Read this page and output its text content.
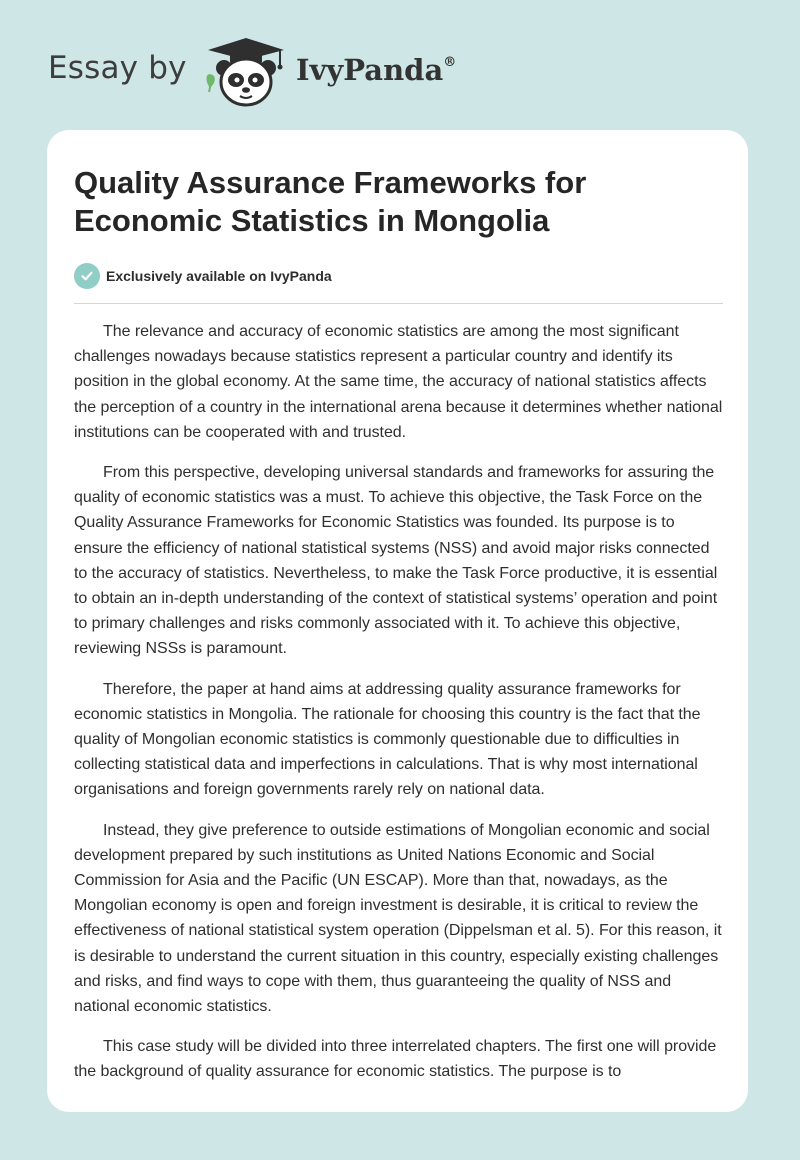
Essay by	IvyPanda®
Quality Assurance Frameworks for Economic Statistics in Mongolia
Exclusively available on IvyPanda

The relevance and accuracy of economic statistics are among the most significant challenges nowadays because statistics represent a particular country and identify its position in the global economy. At the same time, the accuracy of national statistics affects the perception of a country in the international arena because it determines whether national institutions can be cooperated with and trusted.

From this perspective, developing universal standards and frameworks for assuring the quality of economic statistics was a must. To achieve this objective, the Task Force on the Quality Assurance Frameworks for Economic Statistics was founded. Its purpose is to ensure the efficiency of national statistical systems (NSS) and avoid major risks connected to the accuracy of statistics. Nevertheless, to make the Task Force productive, it is essential to obtain an in-depth understanding of the context of statistical systems’ operation and point to primary challenges and risks commonly associated with it. To achieve this objective, reviewing NSSs is paramount.

Therefore, the paper at hand aims at addressing quality assurance frameworks for economic statistics in Mongolia. The rationale for choosing this country is the fact that the quality of Mongolian economic statistics is commonly questionable due to difficulties in collecting statistical data and imperfections in calculations. That is why most international organisations and foreign governments rarely rely on national data.

Instead, they give preference to outside estimations of Mongolian economic and social development prepared by such institutions as United Nations Economic and Social Commission for Asia and the Pacific (UN ESCAP). More than that, nowadays, as the Mongolian economy is open and foreign investment is desirable, it is critical to review the effectiveness of national statistical system operation (Dippelsman et al. 5). For this reason, it is desirable to understand the current situation in this country, especially existing challenges and risks, and find ways to cope with them, thus guaranteeing the quality of NSS and national economic statistics.

This case study will be divided into three interrelated chapters. The first one will provide the background of quality assurance for economic statistics. The purpose is to
